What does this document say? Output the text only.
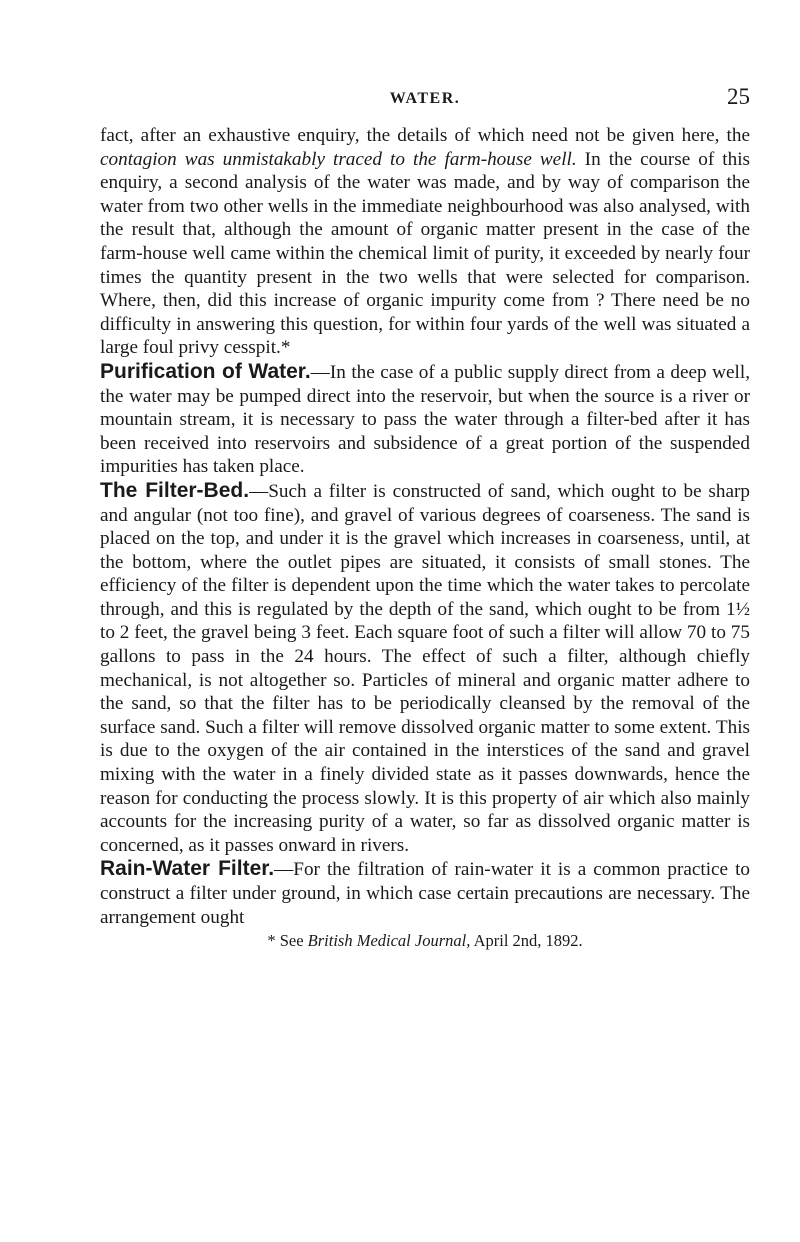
WATER.	25

fact, after an exhaustive enquiry, the details of which need not be given here, the contagion was unmistakably traced to the farm-house well. In the course of this enquiry, a second analysis of the water was made, and by way of comparison the water from two other wells in the immediate neighbourhood was also analysed, with the result that, although the amount of organic matter present in the case of the farm-house well came within the chemical limit of purity, it exceeded by nearly four times the quantity present in the two wells that were selected for comparison. Where, then, did this increase of organic impurity come from ? There need be no difficulty in answering this question, for within four yards of the well was situated a large foul privy cesspit.*

Purification of Water.—In the case of a public supply direct from a deep well, the water may be pumped direct into the reservoir, but when the source is a river or mountain stream, it is necessary to pass the water through a filter-bed after it has been received into reservoirs and subsidence of a great portion of the suspended impurities has taken place.

The Filter-Bed.—Such a filter is constructed of sand, which ought to be sharp and angular (not too fine), and gravel of various degrees of coarseness. The sand is placed on the top, and under it is the gravel which increases in coarseness, until, at the bottom, where the outlet pipes are situated, it consists of small stones. The efficiency of the filter is dependent upon the time which the water takes to percolate through, and this is regulated by the depth of the sand, which ought to be from 1½ to 2 feet, the gravel being 3 feet. Each square foot of such a filter will allow 70 to 75 gallons to pass in the 24 hours. The effect of such a filter, although chiefly mechanical, is not altogether so. Particles of mineral and organic matter adhere to the sand, so that the filter has to be periodically cleansed by the removal of the surface sand. Such a filter will remove dissolved organic matter to some extent. This is due to the oxygen of the air contained in the interstices of the sand and gravel mixing with the water in a finely divided state as it passes downwards, hence the reason for conducting the process slowly. It is this property of air which also mainly accounts for the increasing purity of a water, so far as dissolved organic matter is concerned, as it passes onward in rivers.

Rain-Water Filter.—For the filtration of rain-water it is a common practice to construct a filter under ground, in which case certain precautions are necessary. The arrangement ought

* See British Medical Journal, April 2nd, 1892.
